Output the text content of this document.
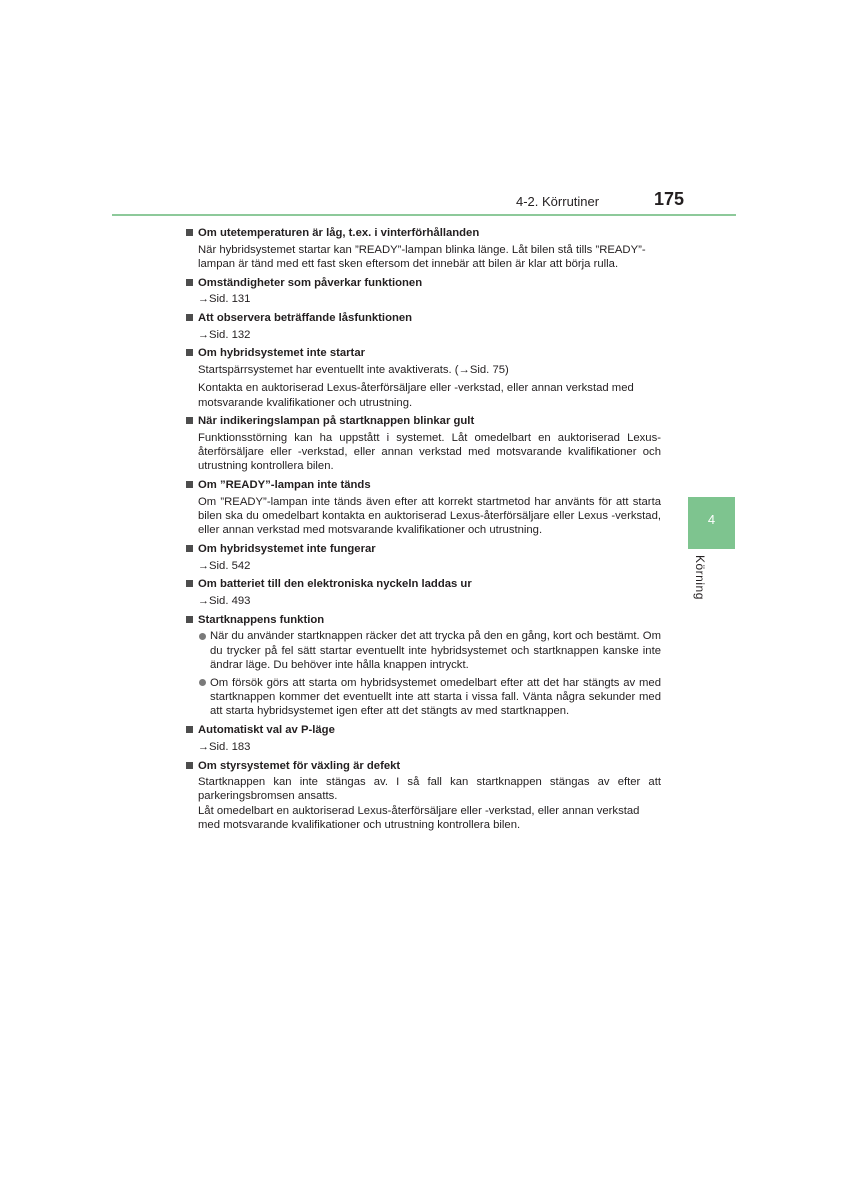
4-2. Körrutiner	175
4
Körning
Om utetemperaturen är låg, t.ex. i vinterförhållanden
När hybridsystemet startar kan ”READY”-lampan blinka länge. Låt bilen stå tills ”READY”-lampan är tänd med ett fast sken eftersom det innebär att bilen är klar att börja rulla.
Omständigheter som påverkar funktionen
→Sid. 131
Att observera beträffande låsfunktionen
→Sid. 132
Om hybridsystemet inte startar
Startspärrsystemet har eventuellt inte avaktiverats. (→Sid. 75)
Kontakta en auktoriserad Lexus-återförsäljare eller -verkstad, eller annan verkstad med motsvarande kvalifikationer och utrustning.
När indikeringslampan på startknappen blinkar gult
Funktionsstörning kan ha uppstått i systemet. Låt omedelbart en auktoriserad Lexus-återförsäljare eller -verkstad, eller annan verkstad med motsvarande kvalifikationer och utrustning kontrollera bilen.
Om ”READY”-lampan inte tänds
Om ”READY”-lampan inte tänds även efter att korrekt startmetod har använts för att starta bilen ska du omedelbart kontakta en auktoriserad Lexus-återförsäljare eller Lexus -verkstad, eller annan verkstad med motsvarande kvalifikationer och utrustning.
Om hybridsystemet inte fungerar
→Sid. 542
Om batteriet till den elektroniska nyckeln laddas ur
→Sid. 493
Startknappens funktion
När du använder startknappen räcker det att trycka på den en gång, kort och bestämt. Om du trycker på fel sätt startar eventuellt inte hybridsystemet och startknappen kanske inte ändrar läge. Du behöver inte hålla knappen intryckt.
Om försök görs att starta om hybridsystemet omedelbart efter att det har stängts av med startknappen kommer det eventuellt inte att starta i vissa fall. Vänta några sekunder med att starta hybridsystemet igen efter att det stängts av med startknappen.
Automatiskt val av P-läge
→Sid. 183
Om styrsystemet för växling är defekt
Startknappen kan inte stängas av. I så fall kan startknappen stängas av efter att parkeringsbromsen ansatts.
Låt omedelbart en auktoriserad Lexus-återförsäljare eller -verkstad, eller annan verkstad med motsvarande kvalifikationer och utrustning kontrollera bilen.
